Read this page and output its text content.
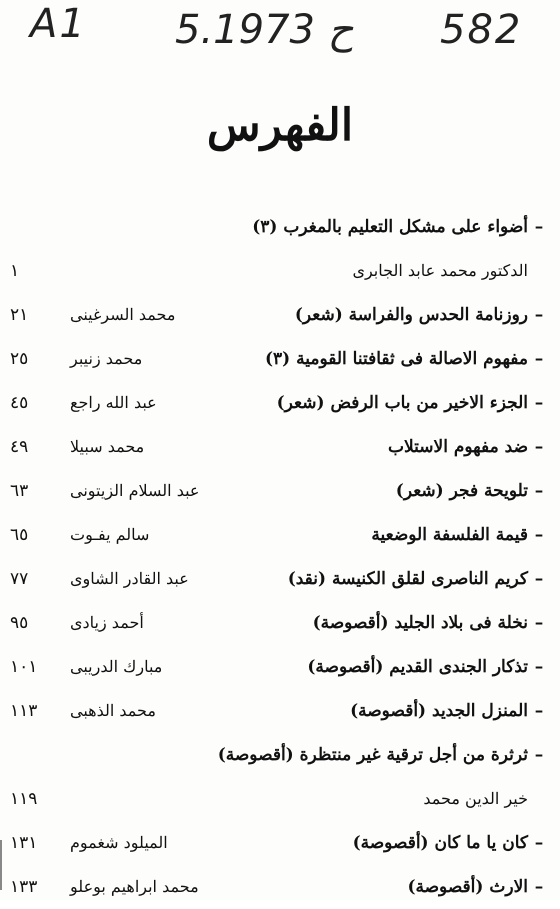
A1 5.ح 1973 582
الفهرس
–
أضواء على مشكل التعليم بالمغرب (٣)
الدكتور محمد عابد الجابرى
١
–
روزنامة الحدس والفراسة (شعر)
محمد السرغينى
٢١
–
مفهوم الاصالة فى ثقافتنا القومية (٣)
محمد زنيبر
٢٥
–
الجزء الاخير من باب الرفض (شعر)
عبد الله راجع
٤٥
–
ضد مفهوم الاستلاب
محمد سبيلا
٤٩
–
تلويحة فجر (شعر)
عبد السلام الزيتونى
٦٣
–
قيمة الفلسفة الوضعية
سالم يفـوت
٦٥
–
كريم الناصرى لقلق الكنيسة (نقد)
عبد القادر الشاوى
٧٧
–
نخلة فى بلاد الجليد (أقصوصة)
أحمد زيادى
٩٥
–
تذكار الجندى القديم (أقصوصة)
مبارك الدريبى
١٠١
–
المنزل الجديد (أقصوصة)
محمد الذهبى
١١٣
–
ثرثرة من أجل ترقية غير منتظرة (أقصوصة)
خير الدين محمد
١١٩
–
كان يا ما كان (أقصوصة)
الميلود شغموم
١٣١
–
الارث (أقصوصة)
محمد ابراهيم بوعلو
١٣٣
